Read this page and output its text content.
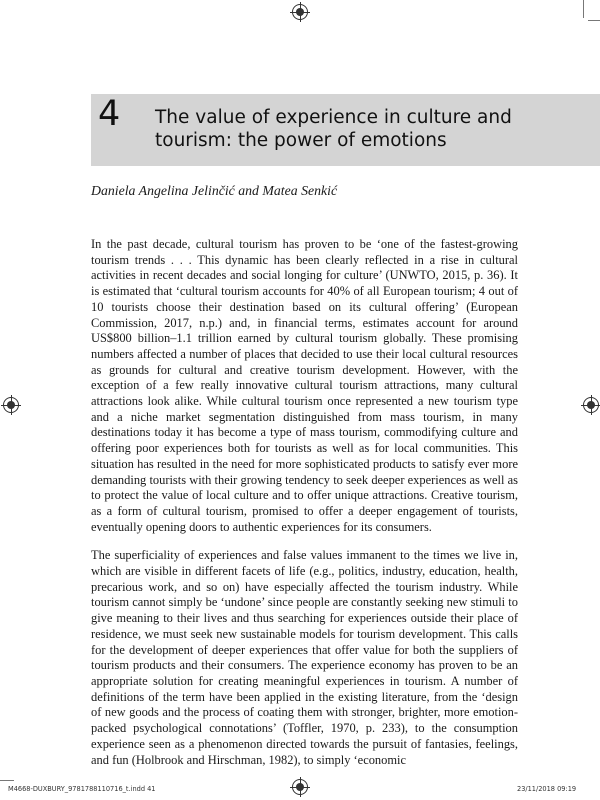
4 The value of experience in culture and tourism: the power of emotions

Daniela Angelina Jelinčić and Matea Senkić

In the past decade, cultural tourism has proven to be ‘one of the fastest-growing tourism trends . . . This dynamic has been clearly reflected in a rise in cultural activities in recent decades and social longing for culture’ (UNWTO, 2015, p. 36). It is estimated that ‘cultural tourism accounts for 40% of all European tourism; 4 out of 10 tourists choose their destination based on its cultural offering’ (European Commission, 2017, n.p.) and, in financial terms, estimates account for around US$800 billion–1.1 trillion earned by cultural tourism globally. These promising numbers affected a number of places that decided to use their local cultural resources as grounds for cultural and creative tourism development. However, with the exception of a few really innovative cultural tourism attractions, many cultural attractions look alike. While cultural tourism once represented a new tourism type and a niche market segmentation distinguished from mass tourism, in many destinations today it has become a type of mass tourism, commodifying culture and offering poor experiences both for tourists as well as for local communities. This situation has resulted in the need for more sophisticated products to satisfy ever more demanding tourists with their growing tendency to seek deeper experiences as well as to protect the value of local culture and to offer unique attractions. Creative tourism, as a form of cultural tourism, promised to offer a deeper engagement of tourists, eventually opening doors to authentic experiences for its consumers.

The superficiality of experiences and false values immanent to the times we live in, which are visible in different facets of life (e.g., politics, industry, education, health, precarious work, and so on) have especially affected the tourism industry. While tourism cannot simply be ‘undone’ since people are constantly seeking new stimuli to give meaning to their lives and thus searching for experiences outside their place of residence, we must seek new sustainable models for tourism development. This calls for the development of deeper experiences that offer value for both the suppliers of tourism products and their consumers. The experience economy has proven to be an appropriate solution for creating meaningful experiences in tourism. A number of definitions of the term have been applied in the existing literature, from the ‘design of new goods and the process of coating them with stronger, brighter, more emotion-packed psychological connotations’ (Toffler, 1970, p. 233), to the consumption experience seen as a phenomenon directed towards the pursuit of fantasies, feelings, and fun (Holbrook and Hirschman, 1982), to simply ‘economic

M4668-DUXBURY_9781788110716_t.indd 41	23/11/2018 09:19
